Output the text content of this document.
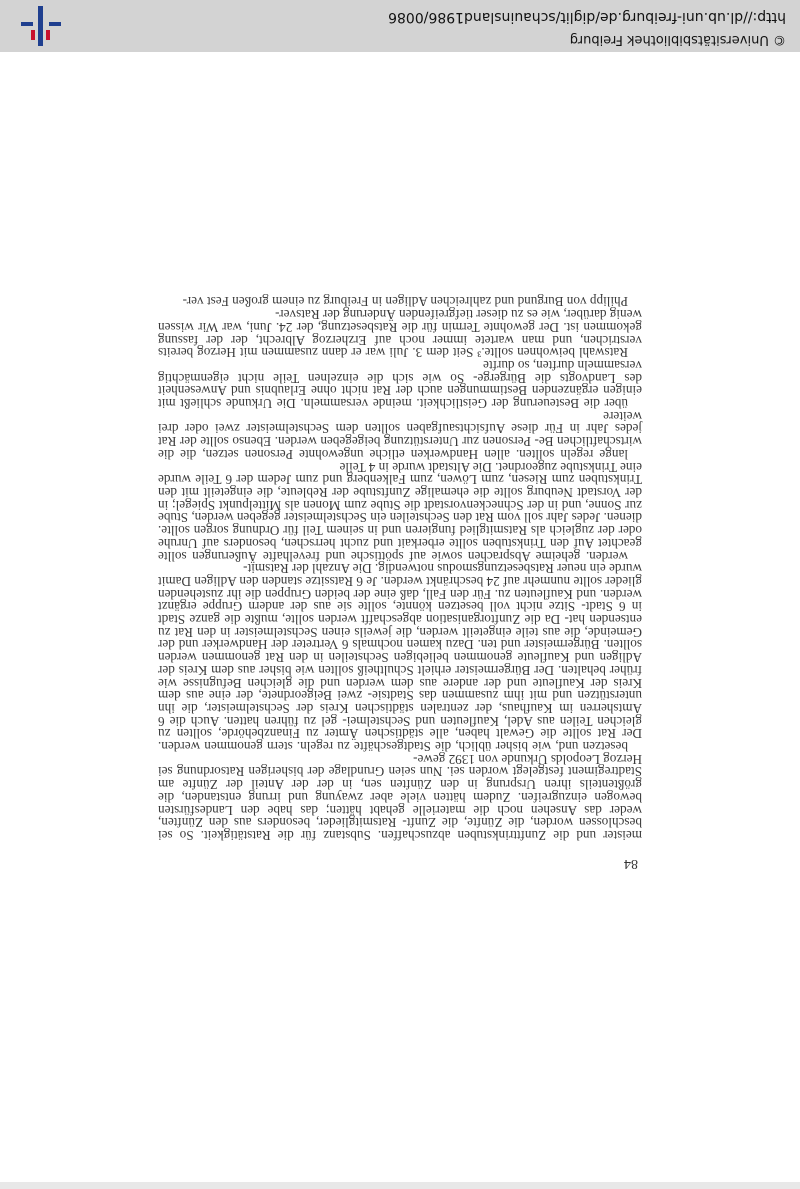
84

meister und die Zunfttrinkstuben abzuschaffen. Substanz für die Ratstätigkeit. So sei beschlossen worden, die Zünfte, die Zunft- Ratsmitglieder, besonders aus den Zünften, weder das Ansehen noch die materielle gehabt hätten; das habe den Landesfürsten bewogen einzugreifen. Zudem hätten viele aber zwayung und irrung entstanden, die größtenteils ihren Ursprung in den Zünften sen, in der der Anteil der Zünfte am Stadtregiment festgelegt worden sei. Nun seien Grundlage der bisherigen Ratsordnung sei Herzog Leopolds Urkunde von 1392 gewe-

besetzen und, wie bisher üblich, die Stadtgeschäfte zu regeln. stern genommen werden. Der Rat sollte die Gewalt haben, alle städtischen Ämter zu Finanzbehörde, sollten zu gleichen Teilen aus Adel, Kaufleuten und Sechstelmei- gel zu führen hatten. Auch die 6 Amtsherren im Kaufhaus, der zentralen städtischen Kreis der Sechstelmeister, die ihn unterstützen und mit ihm zusammen das Stadtsie- zwei Beigeordnete, der eine aus dem Kreis der Kaufleute und der andere aus dem werden und die gleichen Befugnisse wie früher behalten. Der Bürgermeister erhielt Schultheiß sollten wie bisher aus dem Kreis der Adligen und Kaufleute genommen beliebigen Sechsteilen in den Rat genommen werden sollten. Bürgermeister und ten. Dazu kamen nochmals 6 Vertreter der Handwerker und der Gemeinde, die aus teile eingeteilt werden, die jeweils einen Sechstelmeister in den Rat zu entsenden hat- Da die Zunftorganisation abgeschafft werden sollte, mußte die ganze Stadt in 6 Stadt- Sitze nicht voll besetzen könnte, sollte sie aus der andern Gruppe ergänzt werden. und Kaufleuten zu. Für den Fall, daß eine der beiden Gruppen die ihr zustehenden glieder sollte nunmehr auf 24 beschränkt werden. Je 6 Ratssitze standen den Adligen Damit wurde ein neuer Ratsbesetzungsmodus notwendig. Die Anzahl der Ratsmit-

werden. geheime Absprachen sowie auf spöttische und frevelhafte Äußerungen sollte geachtet Auf den Trinkstuben sollte erberkait und zucht herrschen, besonders auf Unruhe oder der zugleich als Ratsmitglied fungieren und in seinem Teil für Ordnung sorgen sollte. dienen. Jedes Jahr soll vom Rat den Sechsteilen ein Sechstelmeister gegeben werden, Stube zur Sonne, und in der Schneckenvorstadt die Stube zum Monen als Mittelpunkt Spiegel; in der Vorstadt Neuburg sollte die ehemalige Zunftstube der Rebleute, die eingeteilt mit den Trinkstuben zum Riesen, zum Löwen, zum Falkenberg und zum Jedem der 6 Teile wurde eine Trinkstube zugeordnet. Die Altstadt wurde in 4 Teile

lange regeln sollten. allen Handwerken etliche ungewohnte Personen setzen, die die wirtschaftlichen Be- Personen zur Unterstützung beigegeben werden. Ebenso sollte der Rat jedes Jahr in Für diese Aufsichtsaufgaben sollten dem Sechstelmeister zwei oder drei weitere

über die Besteuerung der Geistlichkeit. meinde versammeln. Die Urkunde schließt mit einigen ergänzenden Bestimmungen auch der Rat nicht ohne Erlaubnis und Anwesenheit des Landvogts die Bürgerge- So wie sich die einzelnen Teile nicht eigenmächtig versammeln durften, so durfte

Ratswahl beiwohnen sollte.³ Seit dem 3. Juli war er dann zusammen mit Herzog bereits verstrichen, und man wartete immer noch auf Erzherzog Albrecht, der der fassung gekommen ist. Der gewohnte Termin für die Ratsbesetzung, der 24. Juni, war Wir wissen wenig darüber, wie es zu dieser tiefgreifenden Änderung der Ratsver-

Philipp von Burgund und zahlreichen Adligen in Freiburg zu einem großen Fest ver-

© Universitätsbibliothek Freiburg
http://dl.ub.uni-freiburg.de/diglit/schauinsland1986/0086
